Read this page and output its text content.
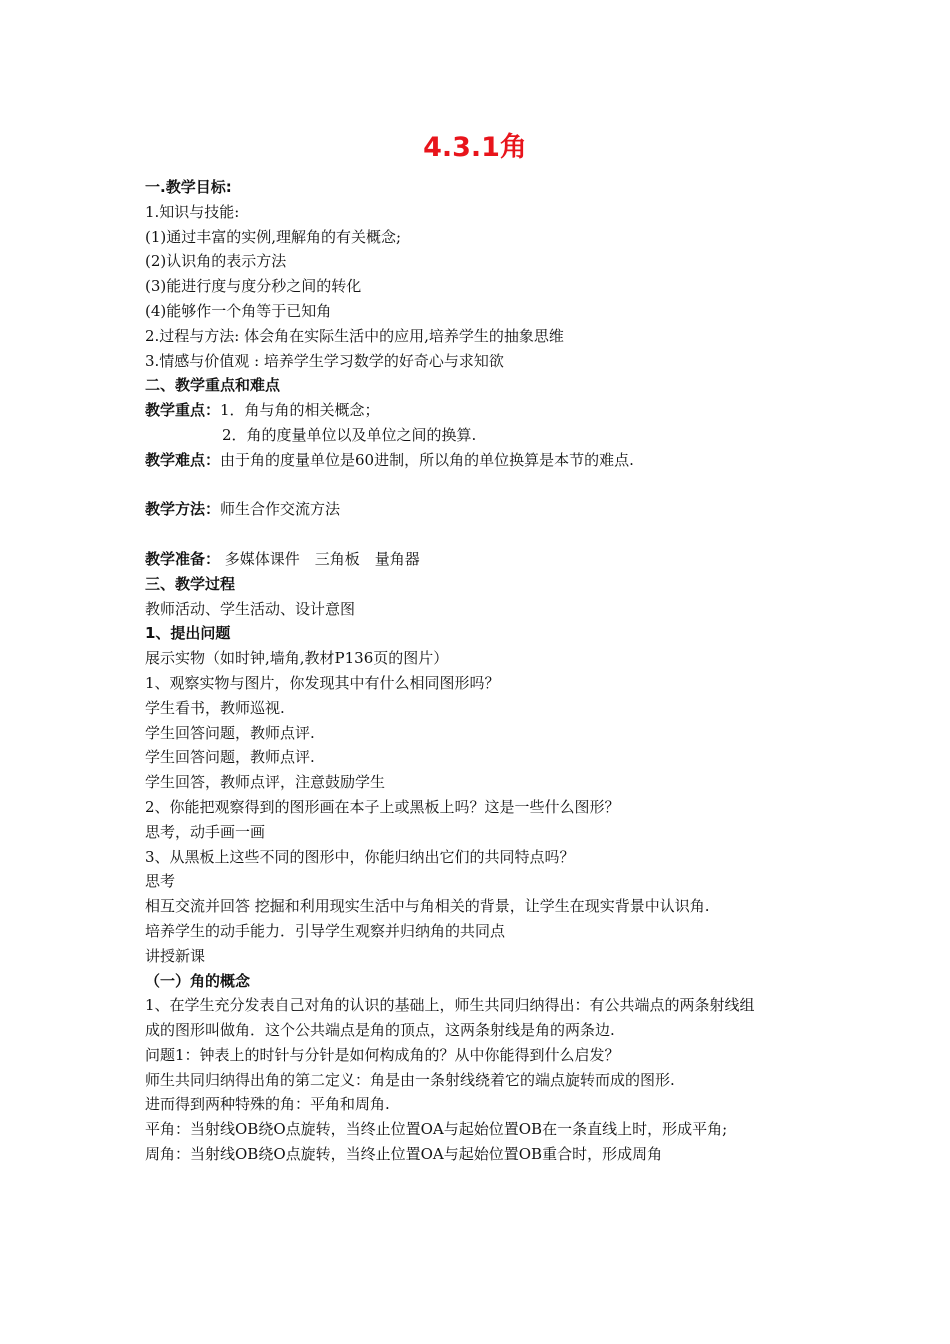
4.3.1角
一.教学目标:
1.知识与技能:
(1)通过丰富的实例,理解角的有关概念;
(2)认识角的表示方法
(3)能进行度与度分秒之间的转化
(4)能够作一个角等于已知角
2.过程与方法: 体会角在实际生活中的应用,培养学生的抽象思维
3.情感与价值观 : 培养学生学习数学的好奇心与求知欲
二、教学重点和难点
教学重点：1．角与角的相关概念；
2．角的度量单位以及单位之间的换算.
教学难点：由于角的度量单位是60进制，所以角的单位换算是本节的难点.
教学方法：师生合作交流方法
教学准备： 多媒体课件　三角板　量角器
三、教学过程
教师活动、学生活动、设计意图
1、提出问题
展示实物（如时钟,墙角,教材P136页的图片）
1、观察实物与图片，你发现其中有什么相同图形吗？
学生看书，教师巡视.
学生回答问题，教师点评.
学生回答问题，教师点评.
学生回答，教师点评，注意鼓励学生
2、你能把观察得到的图形画在本子上或黑板上吗？这是一些什么图形？
思考，动手画一画
3、从黑板上这些不同的图形中，你能归纳出它们的共同特点吗？
思考
相互交流并回答 挖掘和利用现实生活中与角相关的背景，让学生在现实背景中认识角.
培养学生的动手能力．引导学生观察并归纳角的共同点
讲授新课
（一）角的概念
1、在学生充分发表自己对角的认识的基础上，师生共同归纳得出：有公共端点的两条射线组
成的图形叫做角．这个公共端点是角的顶点，这两条射线是角的两条边.
问题1：钟表上的时针与分针是如何构成角的？从中你能得到什么启发？
师生共同归纳得出角的第二定义：角是由一条射线绕着它的端点旋转而成的图形.
进而得到两种特殊的角：平角和周角.
平角：当射线OB绕O点旋转，当终止位置OA与起始位置OB在一条直线上时，形成平角;
周角：当射线OB绕O点旋转，当终止位置OA与起始位置OB重合时，形成周角
